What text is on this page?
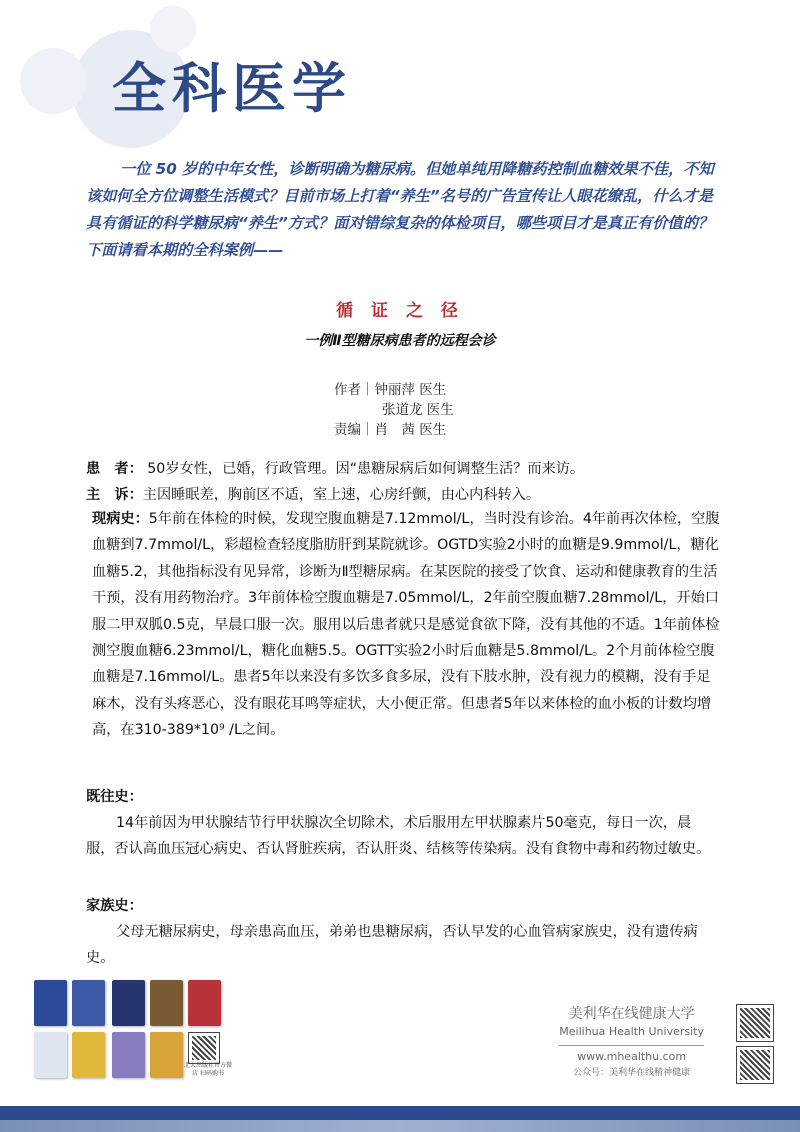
全科医学
一位 50 岁的中年女性，诊断明确为糖尿病。但她单纯用降糖药控制血糖效果不佳，不知该如何全方位调整生活模式？目前市场上打着“养生”名号的广告宣传让人眼花缭乱，什么才是具有循证的科学糖尿病“养生”方式？面对错综复杂的体检项目，哪些项目才是真正有价值的？下面请看本期的全科案例——
循 证 之 径
一例Ⅱ型糖尿病患者的远程会诊
作者｜钟丽萍 医生
张道龙 医生
责编｜肖　茜 医生
患　者： 50岁女性，已婚，行政管理。因“患糖尿病后如何调整生活？而来访。
主　诉：主因睡眠差，胸前区不适，室上速，心房纤颤，由心内科转入。
现病史：5年前在体检的时候，发现空腹血糖是7.12mmol/L，当时没有诊治。4年前再次体检，空腹血糖到7.7mmol/L，彩超检查轻度脂肪肝到某院就诊。OGTD实验2小时的血糖是9.9mmol/L，糖化血糖5.2，其他指标没有见异常，诊断为Ⅱ型糖尿病。在某医院的接受了饮食、运动和健康教育的生活干预，没有用药物治疗。3年前体检空腹血糖是7.05mmol/L，2年前空腹血糖7.28mmol/L，开始口服二甲双胍0.5克，早晨口服一次。服用以后患者就只是感觉食欲下降，没有其他的不适。1年前体检测空腹血糖6.23mmol/L，糖化血糖5.5。OGTT实验2小时后血糖是5.8mmol/L。2个月前体检空腹血糖是7.16mmol/L。患者5年以来没有多饮多食多尿，没有下肢水肿，没有视力的模糊，没有手足麻木，没有头疼恶心，没有眼花耳鸣等症状，大小便正常。但患者5年以来体检的血小板的计数均增高，在310-389*10⁹ /L之间。
既往史：
14年前因为甲状腺结节行甲状腺次全切除术，术后服用左甲状腺素片50毫克，每日一次，晨服，否认高血压冠心病史、否认肾脏疾病，否认肝炎、结核等传染病。没有食物中毒和药物过敏史。
家族史：
父母无糖尿病史，母亲患高血压，弟弟也患糖尿病，否认早发的心血管病家族史，没有遗传病史。
北大出版社官方微店 扫码购书
美利华在线健康大学
Meilihua Health University
www.mhealthu.com
公众号：美利华在线精神健康
